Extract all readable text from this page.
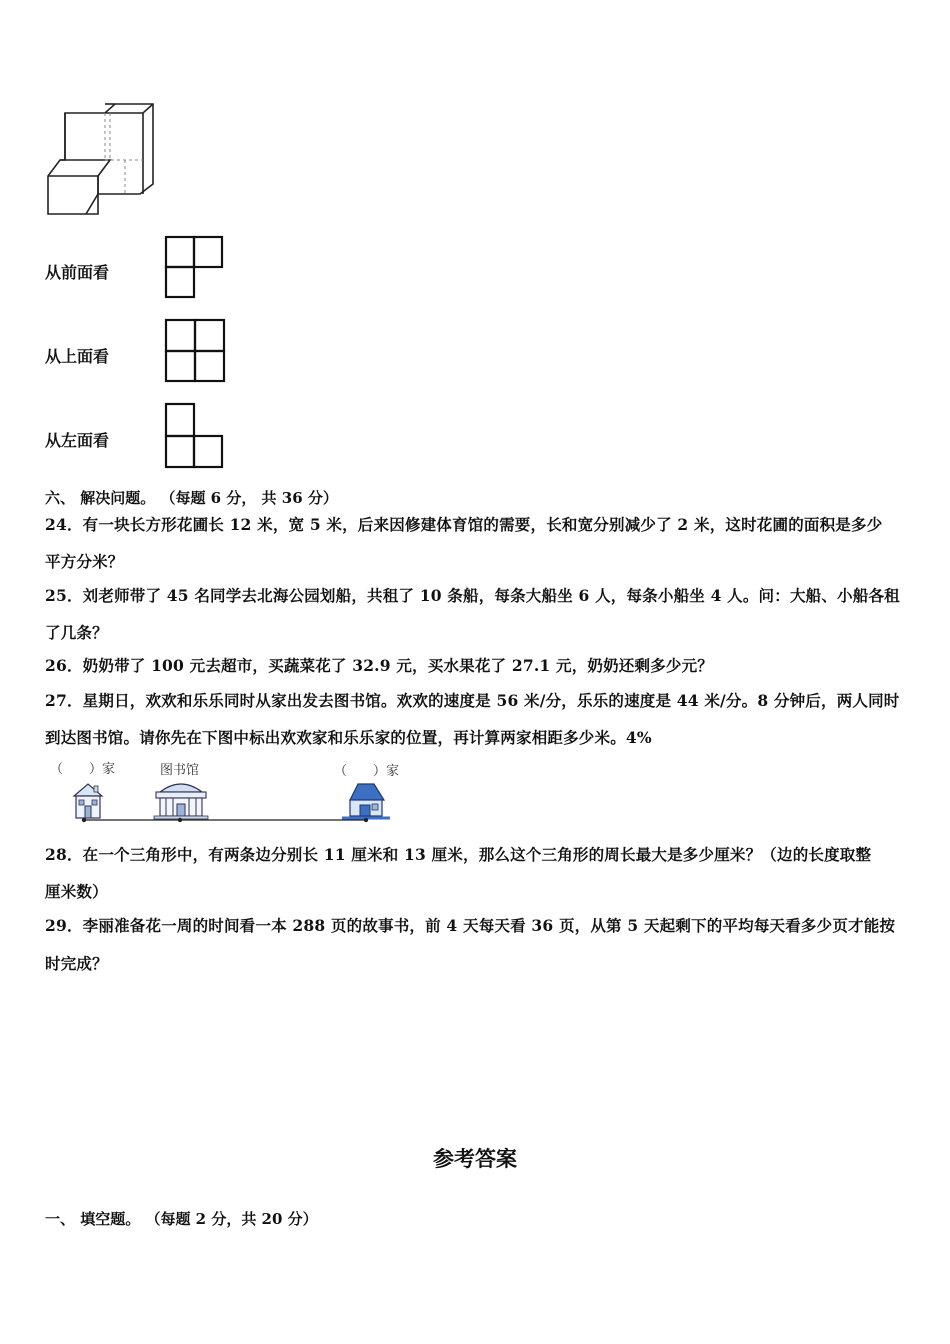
从前面看
从上面看
从左面看
六、 解决问题。 （每题 6 分， 共 36 分）
24．有一块长方形花圃长 12 米，宽 5 米，后来因修建体育馆的需要，长和宽分别减少了 2 米，这时花圃的面积是多少
平方分米？
25．刘老师带了 45 名同学去北海公园划船，共租了 10 条船，每条大船坐 6 人，每条小船坐 4 人。问：大船、小船各租
了几条？
26．奶奶带了 100 元去超市，买蔬菜花了 32.9 元，买水果花了 27.1 元，奶奶还剩多少元？
27．星期日，欢欢和乐乐同时从家出发去图书馆。欢欢的速度是 56 米/分，乐乐的速度是 44 米/分。8 分钟后，两人同时
到达图书馆。请你先在下图中标出欢欢家和乐乐家的位置，再计算两家相距多少米。4%
（　　）家	图书馆	（　　）家
28．在一个三角形中，有两条边分别长 11 厘米和 13 厘米，那么这个三角形的周长最大是多少厘米？（边的长度取整
厘米数）
29．李丽准备花一周的时间看一本 288 页的故事书，前 4 天每天看 36 页，从第 5 天起剩下的平均每天看多少页才能按
时完成？
参考答案
一、 填空题。 （每题 2 分，共 20 分）
